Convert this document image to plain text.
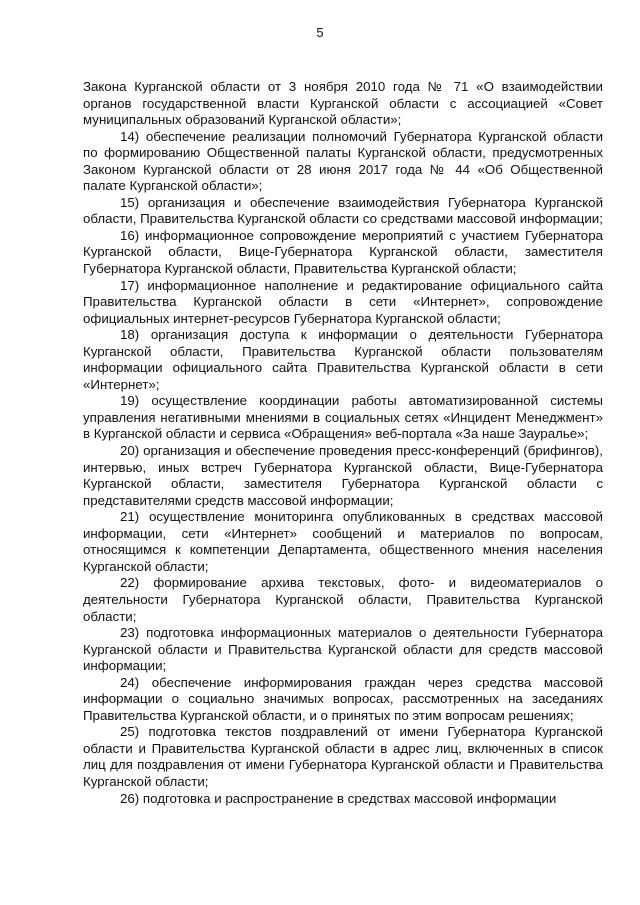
5

Закона Курганской области от 3 ноября 2010 года № 71 «О взаимодействии органов государственной власти Курганской области с ассоциацией «Совет муниципальных образований Курганской области»;

14) обеспечение реализации полномочий Губернатора Курганской области по формированию Общественной палаты Курганской области, предусмотренных Законом Курганской области от 28 июня 2017 года № 44 «Об Общественной палате Курганской области»;

15) организация и обеспечение взаимодействия Губернатора Курганской области, Правительства Курганской области со средствами массовой информации;

16) информационное сопровождение мероприятий с участием Губернатора Курганской области, Вице-Губернатора Курганской области, заместителя Губернатора Курганской области, Правительства Курганской области;

17) информационное наполнение и редактирование официального сайта Правительства Курганской области в сети «Интернет», сопровождение официальных интернет-ресурсов Губернатора Курганской области;

18) организация доступа к информации о деятельности Губернатора Курганской области, Правительства Курганской области пользователям информации официального сайта Правительства Курганской области в сети «Интернет»;

19) осуществление координации работы автоматизированной системы управления негативными мнениями в социальных сетях «Инцидент Менеджмент» в Курганской области и сервиса «Обращения» веб-портала «За наше Зауралье»;

20) организация и обеспечение проведения пресс-конференций (брифингов), интервью, иных встреч Губернатора Курганской области, Вице-Губернатора Курганской области, заместителя Губернатора Курганской области с представителями средств массовой информации;

21) осуществление мониторинга опубликованных в средствах массовой информации, сети «Интернет» сообщений и материалов по вопросам, относящимся к компетенции Департамента, общественного мнения населения Курганской области;

22) формирование архива текстовых, фото- и видеоматериалов о деятельности Губернатора Курганской области, Правительства Курганской области;

23) подготовка информационных материалов о деятельности Губернатора Курганской области и Правительства Курганской области для средств массовой информации;

24) обеспечение информирования граждан через средства массовой информации о социально значимых вопросах, рассмотренных на заседаниях Правительства Курганской области, и о принятых по этим вопросам решениях;

25) подготовка текстов поздравлений от имени Губернатора Курганской области и Правительства Курганской области в адрес лиц, включенных в список лиц для поздравления от имени Губернатора Курганской области и Правительства Курганской области;

26) подготовка и распространение в средствах массовой информации
